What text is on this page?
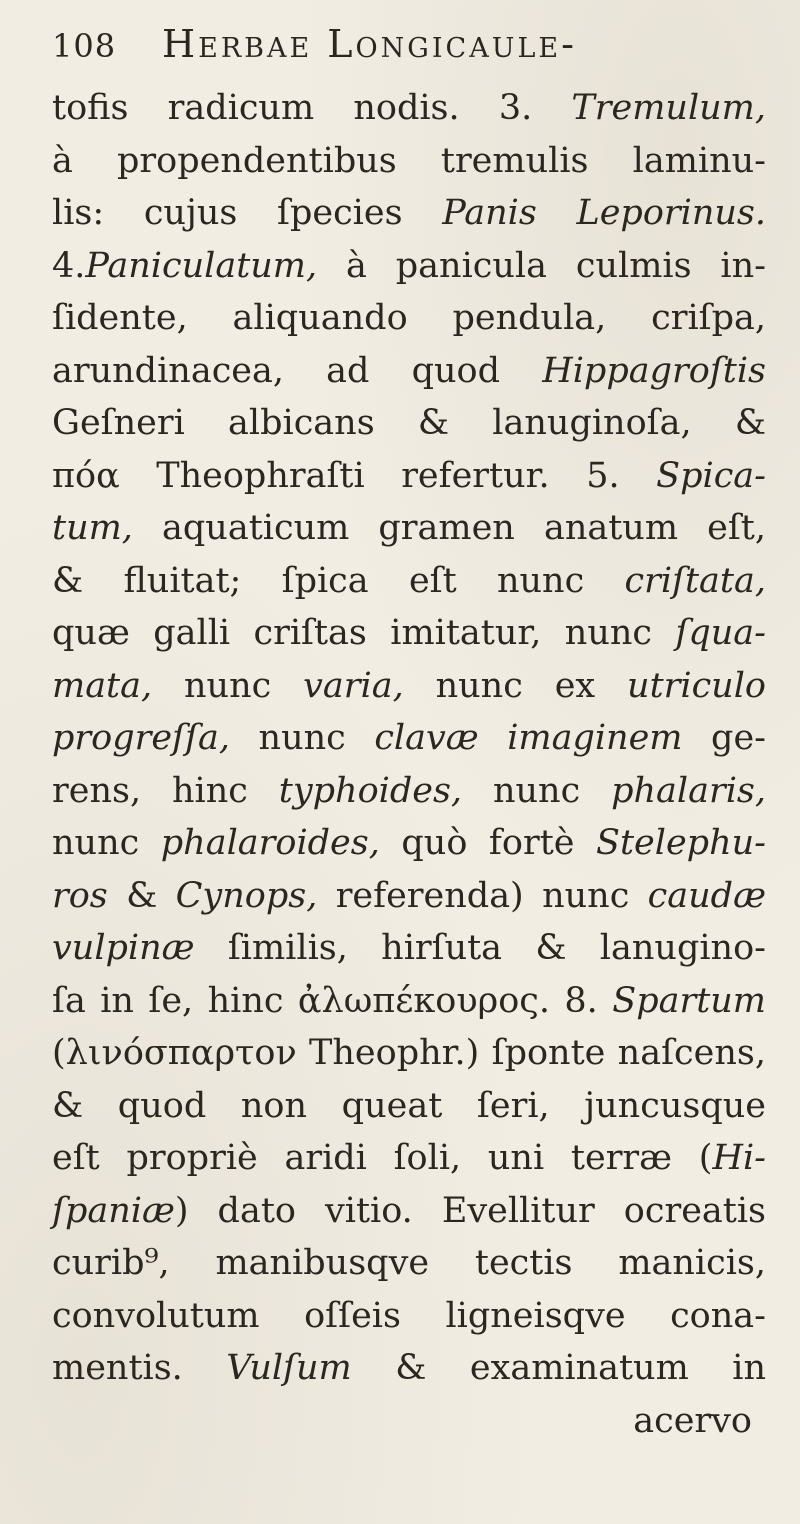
108	Herbae Longicaule-
tofis radicum nodis. 3. Tremulum,
à propendentibus tremulis laminu-
lis: cujus ſpecies Panis Leporinus.
4.Paniculatum, à panicula culmis in-
ſidente, aliquando pendula, criſpa,
arundinacea, ad quod Hippagroſtis
Geſneri albicans & lanuginoſa, &
πόα Theophraſti refertur. 5. Spica-
tum, aquaticum gramen anatum eſt,
& fluitat; ſpica eſt nunc criſtata,
quæ galli criſtas imitatur, nunc ſqua-
mata, nunc varia, nunc ex utriculo
progreſſa, nunc clavæ imaginem ge-
rens, hinc typhoides, nunc phalaris,
nunc phalaroides, quò fortè Stelephu-
ros & Cynops, referenda) nunc caudæ
vulpinæ ſimilis, hirſuta & lanugino-
ſa in ſe, hinc ἀλωπέκουρος. 8. Spartum
(λινόσπαρτον Theophr.) ſponte naſcens,
& quod non queat ſeri, juncusque
eſt propriè aridi ſoli, uni terræ (Hi-
ſpaniæ) dato vitio. Evellitur ocreatis
curib⁹, manibusqve tectis manicis,
convolutum oſſeis ligneisqve cona-
mentis. Vulſum & examinatum in
acervo
